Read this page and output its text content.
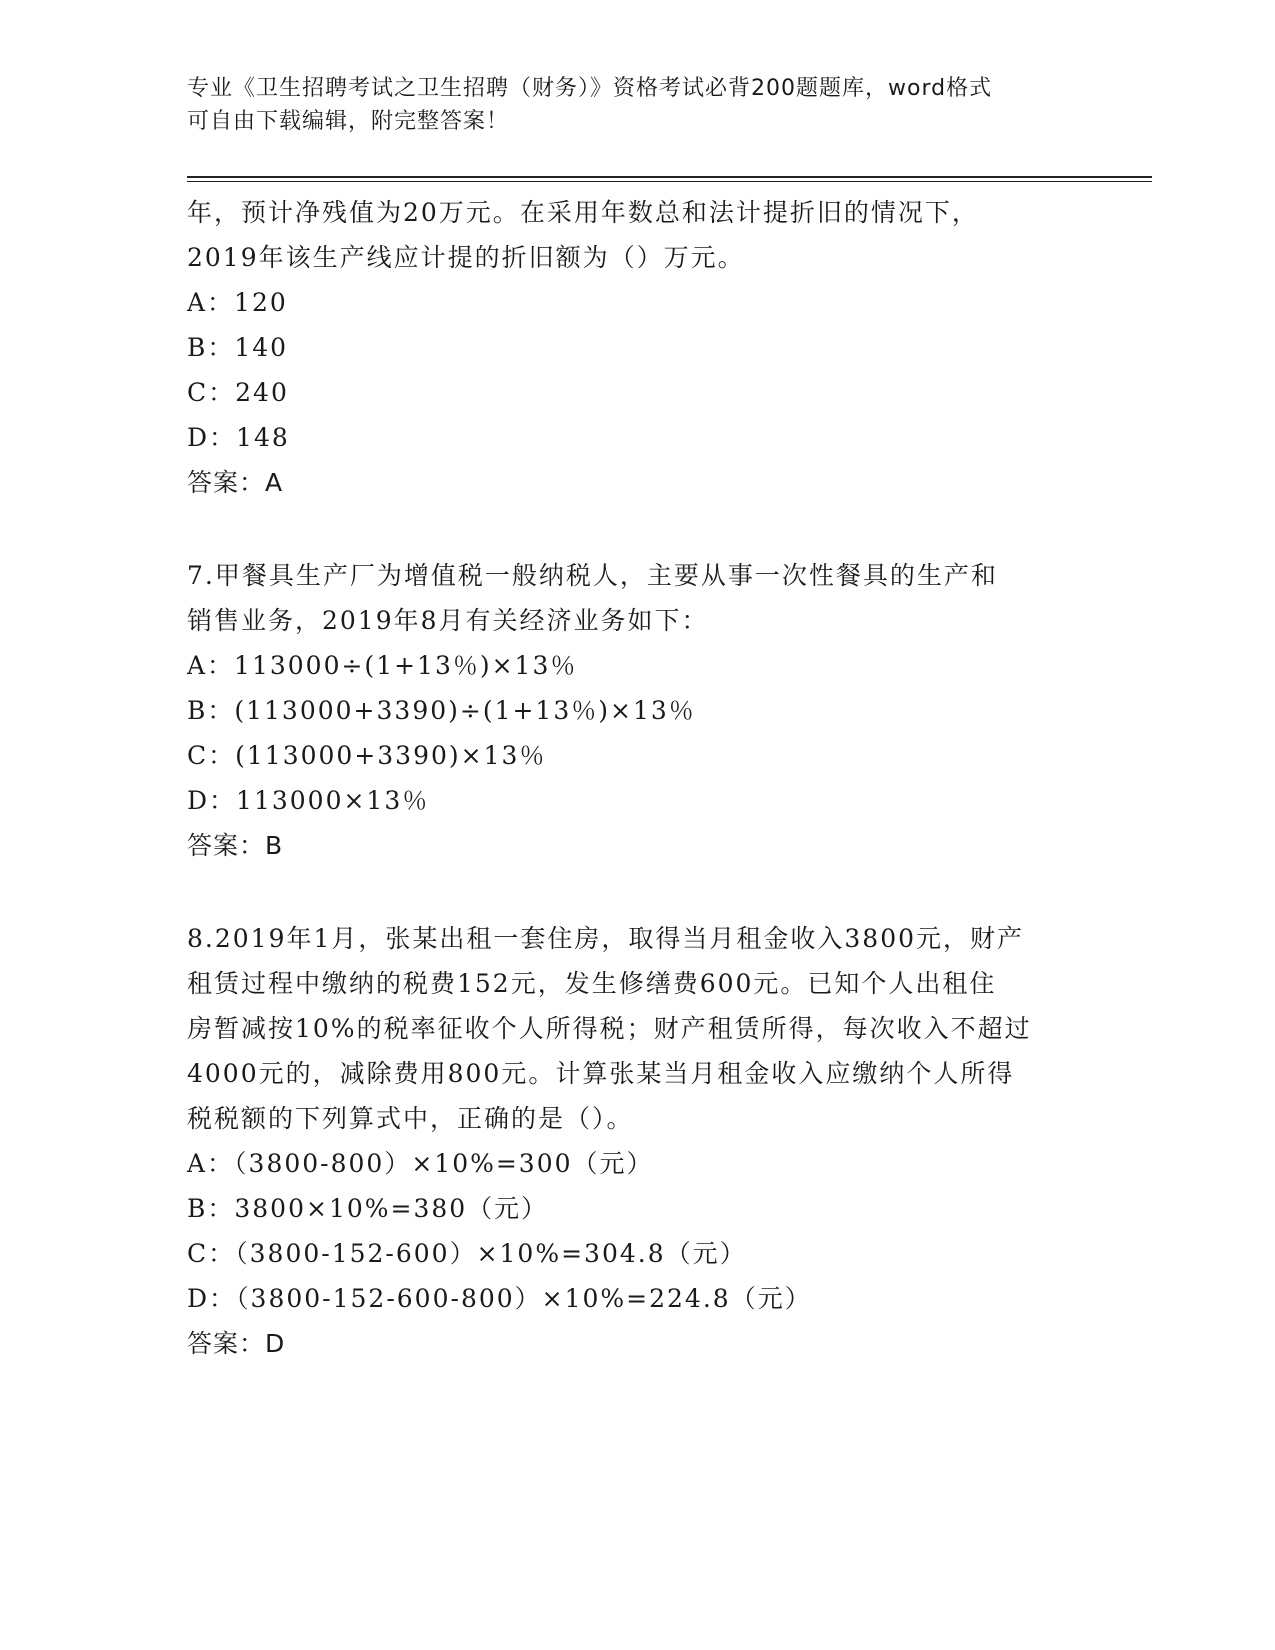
专业《卫生招聘考试之卫生招聘（财务）》资格考试必背200题题库，word格式
可自由下载编辑，附完整答案！
年，预计净残值为20万元。在采用年数总和法计提折旧的情况下，
2019年该生产线应计提的折旧额为（）万元。
A：120
B：140
C：240
D：148
答案：A
7.甲餐具生产厂为增值税一般纳税人，主要从事一次性餐具的生产和
销售业务，2019年8月有关经济业务如下：
A：113000÷(1+13％)×13％
B：(113000+3390)÷(1+13％)×13％
C：(113000+3390)×13％
D：113000×13％
答案：B
8.2019年1月，张某出租一套住房，取得当月租金收入3800元，财产
租赁过程中缴纳的税费152元，发生修缮费600元。已知个人出租住
房暂减按10%的税率征收个人所得税；财产租赁所得，每次收入不超过
4000元的，减除费用800元。计算张某当月租金收入应缴纳个人所得
税税额的下列算式中，正确的是（）。
A：（3800-800）×10%=300（元）
B：3800×10%=380（元）
C：（3800-152-600）×10%=304.8（元）
D：（3800-152-600-800）×10%=224.8（元）
答案：D
